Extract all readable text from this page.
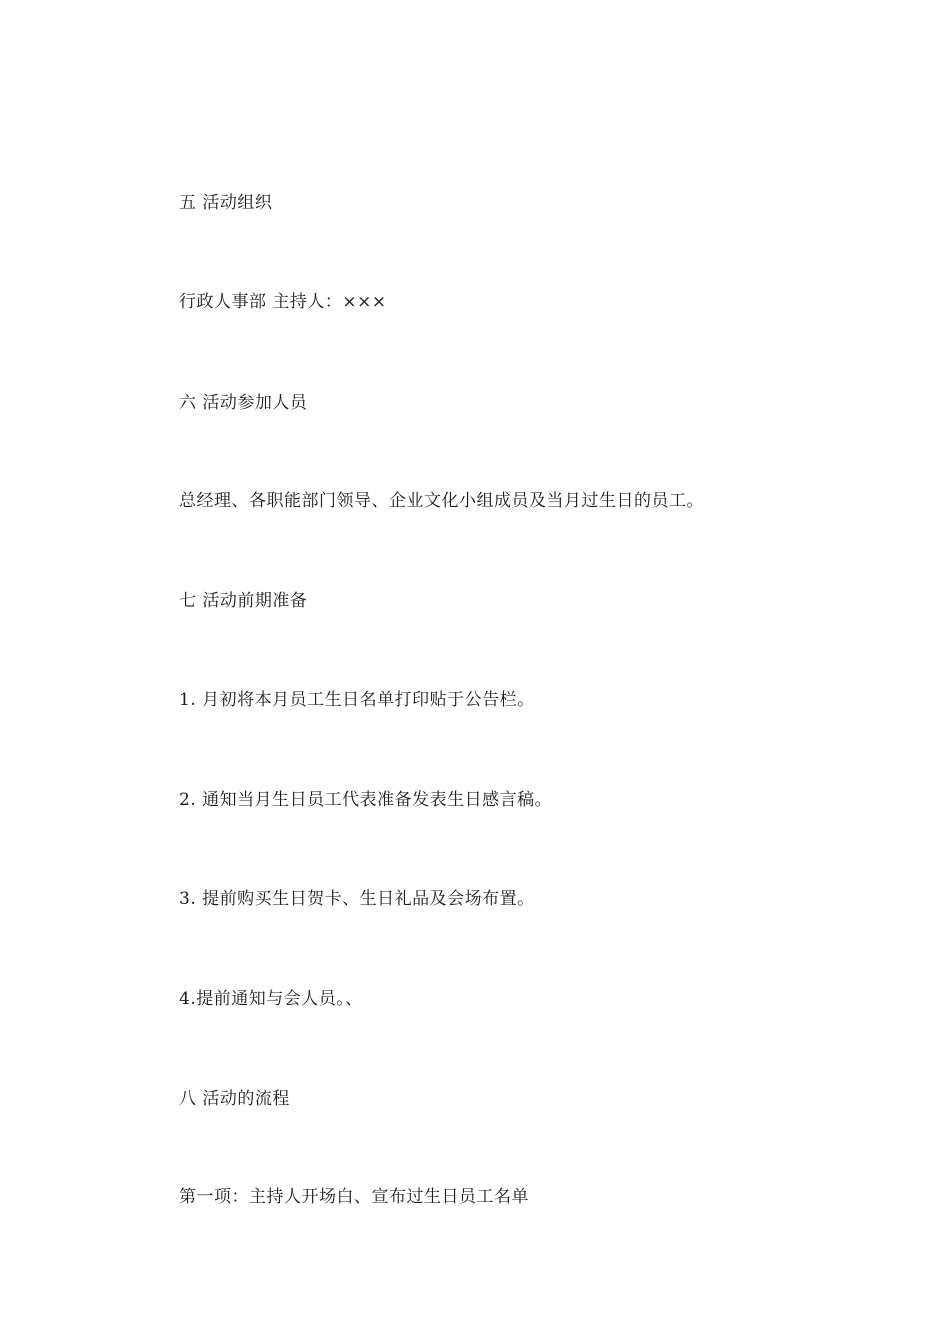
五 活动组织

行政人事部 主持人：×××

六 活动参加人员

总经理、各职能部门领导、企业文化小组成员及当月过生日的员工。

七 活动前期准备

1. 月初将本月员工生日名单打印贴于公告栏。

2. 通知当月生日员工代表准备发表生日感言稿。

3. 提前购买生日贺卡、生日礼品及会场布置。

4.提前通知与会人员。、

八 活动的流程

第一项：主持人开场白、宣布过生日员工名单
